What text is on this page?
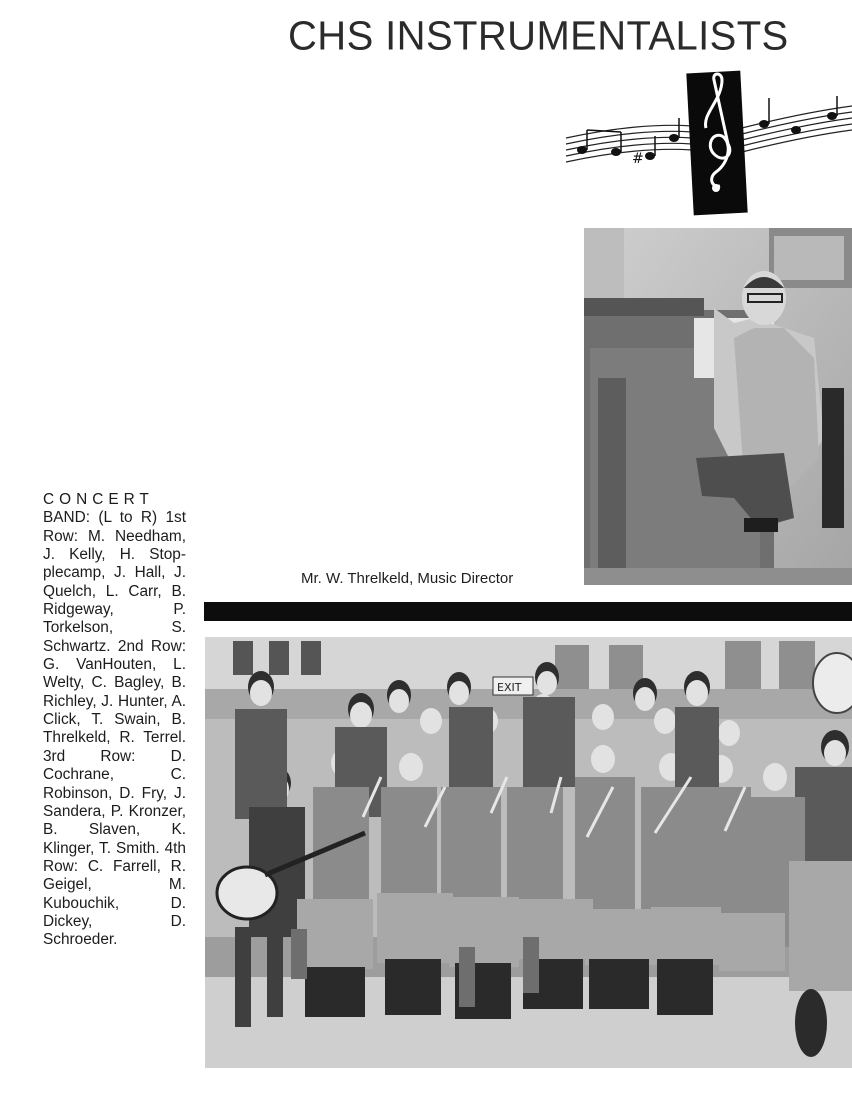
CHS INSTRUMENTALISTS
#
Mr. W. Threlkeld, Music Director
EXIT
CONCERT BAND: (L to R) 1st Row: M. Needham, J. Kelly, H. Stopplecamp, J. Hall, J. Quelch, L. Carr, B. Ridgeway, P. Torkelson, S. Schwartz. 2nd Row: G. VanHouten, L. Welty, C. Bagley, B. Richley, J. Hunter, A. Click, T. Swain, B. Threlkeld, R. Terrel. 3rd Row: D. Cochrane, C. Robinson, D. Fry, J. Sandera, P. Kronzer, B. Slaven, K. Klinger, T. Smith. 4th Row: C. Farrell, R. Geigel, M. Kubouchik, D. Dickey, D. Schroeder.
